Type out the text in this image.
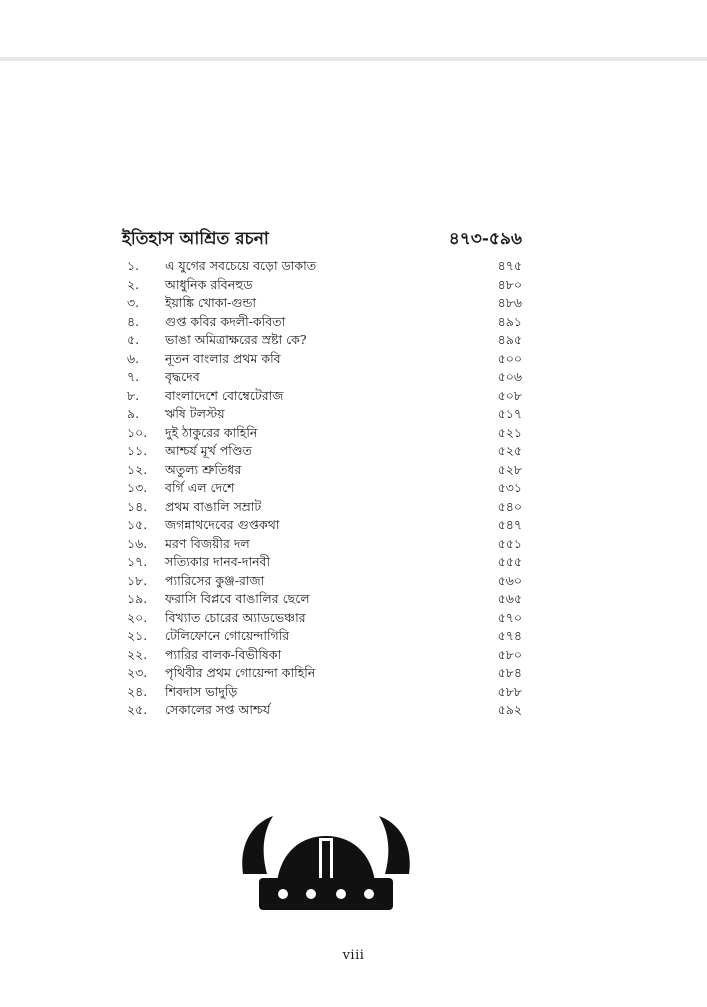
ইতিহাস আশ্রিত রচনা	৪৭৩-৫৯৬
১. এ যুগের সবচেয়ে বড়ো ডাকাত	৪৭৫
২. আধুনিক রবিনহুড	৪৮০
৩. ইয়াঙ্কি খোকা-গুন্ডা	৪৮৬
৪. গুপ্ত কবির কদলী-কবিতা	৪৯১
৫. ভাঙা অমিত্রাক্ষরের স্রষ্টা কে?	৪৯৫
৬. নূতন বাংলার প্রথম কবি	৫০০
৭. বৃদ্ধদেব	৫০৬
৮. বাংলাদেশে বোম্বেটেরাজ	৫০৮
৯. ঋষি টলস্টয়	৫১৭
১০. দুই ঠাকুরের কাহিনি	৫২১
১১. আশ্চর্য মূর্খ পণ্ডিত	৫২৫
১২. অতুল্য শ্রুতিধর	৫২৮
১৩. বর্গি এল দেশে	৫৩১
১৪. প্রথম বাঙালি সম্রাট	৫৪০
১৫. জগন্নাথদেবের গুপ্তকথা	৫৪৭
১৬. মরণ বিজয়ীর দল	৫৫১
১৭. সত্যিকার দানব-দানবী	৫৫৫
১৮. প্যারিসের কুঞ্জ-রাজা	৫৬০
১৯. ফরাসি বিপ্লবে বাঙালির ছেলে	৫৬৫
২০. বিখ্যাত চোরের অ্যাডভেঞ্চার	৫৭০
২১. টেলিফোনে গোয়েন্দাগিরি	৫৭৪
২২. প্যারির বালক-বিভীষিকা	৫৮০
২৩. পৃথিবীর প্রথম গোয়েন্দা কাহিনি	৫৮৪
২৪. শিবদাস ভাদুড়ি	৫৮৮
২৫. সেকালের সপ্ত আশ্চর্য	৫৯২
viii
